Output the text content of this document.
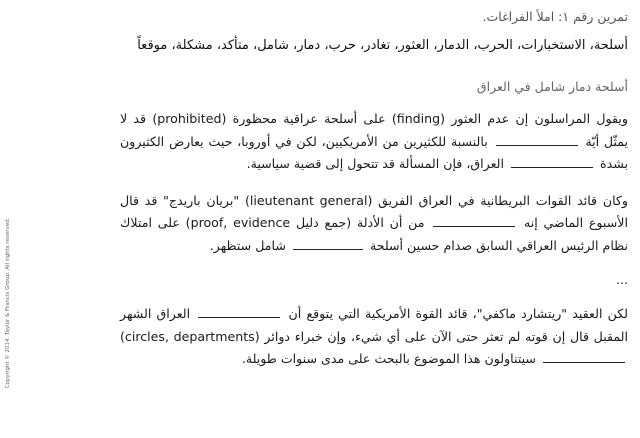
Copyright © 2014. Taylor & Francis Group. All rights reserved.
تمرين رقم ١: املأ الفراغات.
أسلحة، الاستخبارات، الحرب، الدمار، العثور، تغادر، حرب، دمار، شامل، متأكد، مشكلة، موقعاً
أسلحة دمار شامل في العراق
ويقول المراسلون إن عدم العثور (finding) على أسلحة عراقية محظورة (prohibited) قد لا يمثّل أيّة  بالنسبة للكثيرين من الأمريكيين، لكن في أوروبا، حيث يعارض الكثيرون بشدة  العراق، فإن المسألة قد تتحول إلى قضية سياسية.
وكان قائد القوات البريطانية في العراق الفريق (lieutenant general) "بريان باريدج" قد قال الأسبوع الماضي إنه  من أن الأدلة (جمع دليل (proof, evidence على امتلاك نظام الرئيس العراقي السابق صدام حسين أسلحة  شامل ستظهر.
...
لكن العقيد "ريتشارد ماكفي"، قائد القوة الأمريكية التي يتوقع أن  العراق الشهر المقبل قال إن قوته لم تعثر حتى الآن على أي شيء، وإن خبراء دوائر (circles, departments)  سيتناولون هذا الموضوع بالبحث على مدى سنوات طويلة.
